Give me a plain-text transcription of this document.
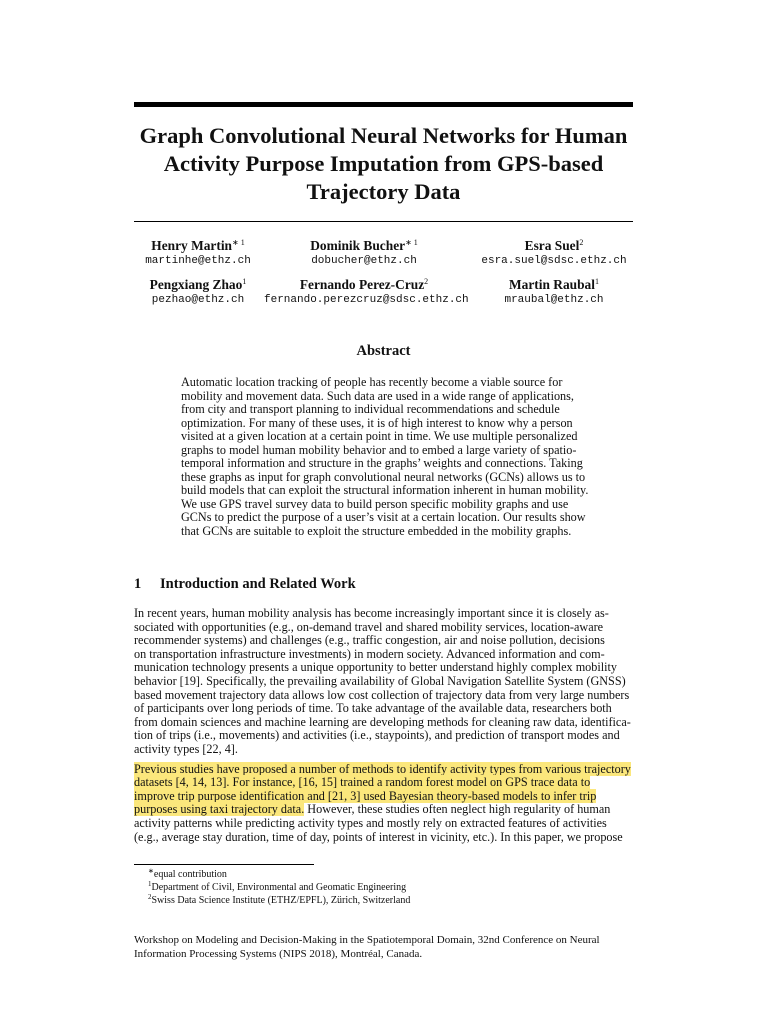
Graph Convolutional Neural Networks for Human
Activity Purpose Imputation from GPS-based
Trajectory Data
Henry Martin$^{∗ 1}$
martinhe@ethz.ch
Dominik Bucher$^{∗ 1}$
dobucher@ethz.ch
Esra Suel$^2$
esra.suel@sdsc.ethz.ch
Pengxiang Zhao$^1$
pezhao@ethz.ch
Fernando Perez-Cruz$^2$
fernando.perezcruz@sdsc.ethz.ch
Martin Raubal$^1$
mraubal@ethz.ch
Abstract
Automatic location tracking of people has recently become a viable source for
mobility and movement data. Such data are used in a wide range of applications,
from city and transport planning to individual recommendations and schedule
optimization. For many of these uses, it is of high interest to know why a person
visited at a given location at a certain point in time. We use multiple personalized
graphs to model human mobility behavior and to embed a large variety of spatio-
temporal information and structure in the graphs’ weights and connections. Taking
these graphs as input for graph convolutional neural networks (GCNs) allows us to
build models that can exploit the structural information inherent in human mobility.
We use GPS travel survey data to build person specific mobility graphs and use
GCNs to predict the purpose of a user’s visit at a certain location. Our results show
that GCNs are suitable to exploit the structure embedded in the mobility graphs.
1 Introduction and Related Work
In recent years, human mobility analysis has become increasingly important since it is closely as-
sociated with opportunities (e.g., on-demand travel and shared mobility services, location-aware
recommender systems) and challenges (e.g., traffic congestion, air and noise pollution, decisions
on transportation infrastructure investments) in modern society. Advanced information and com-
munication technology presents a unique opportunity to better understand highly complex mobility
behavior [19]. Specifically, the prevailing availability of Global Navigation Satellite System (GNSS)
based movement trajectory data allows low cost collection of trajectory data from very large numbers
of participants over long periods of time. To take advantage of the available data, researchers both
from domain sciences and machine learning are developing methods for cleaning raw data, identifica-
tion of trips (i.e., movements) and activities (i.e., staypoints), and prediction of transport modes and
activity types [22, 4].
Previous studies have proposed a number of methods to identify activity types from various trajectory
datasets [4, 14, 13]. For instance, [16, 15] trained a random forest model on GPS trace data to
improve trip purpose identification and [21, 3] used Bayesian theory-based models to infer trip
purposes using taxi trajectory data. However, these studies often neglect high regularity of human
activity patterns while predicting activity types and mostly rely on extracted features of activities
(e.g., average stay duration, time of day, points of interest in vicinity, etc.). In this paper, we propose
∗equal contribution
$^1$Department of Civil, Environmental and Geomatic Engineering
$^2$Swiss Data Science Institute (ETHZ/EPFL), Zürich, Switzerland
Workshop on Modeling and Decision-Making in the Spatiotemporal Domain, 32nd Conference on Neural
Information Processing Systems (NIPS 2018), Montréal, Canada.
